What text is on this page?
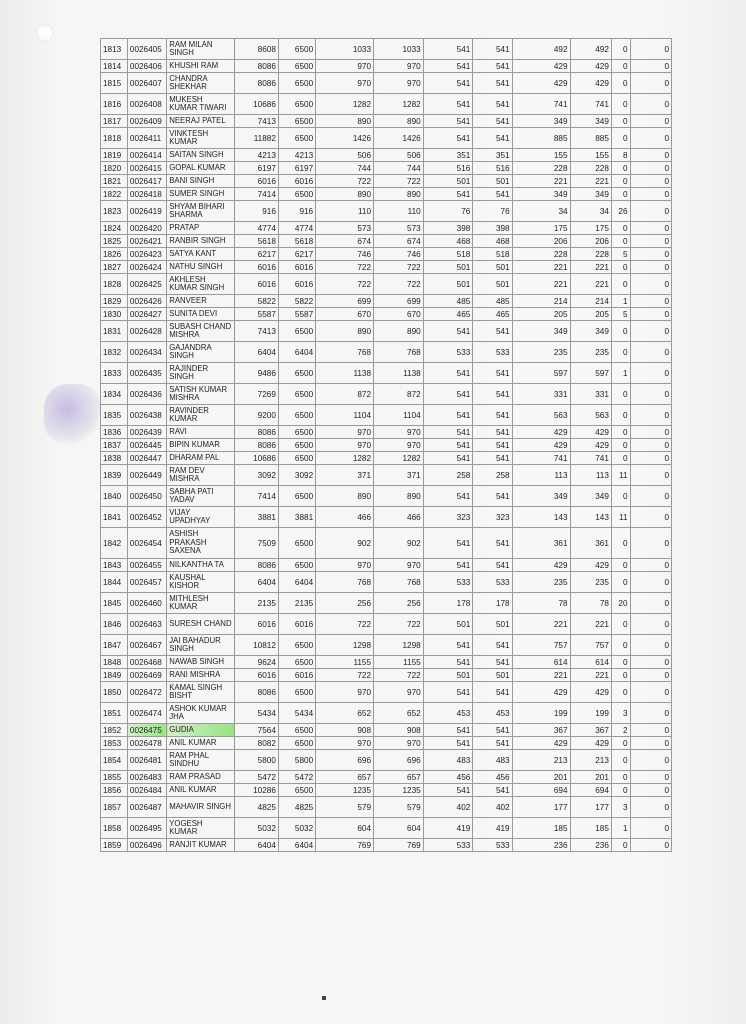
1813	0026405	RAM MILAN SINGH	8608	6500	1033	1033	541	541	492	492	0	0
1814	0026406	KHUSHI RAM	8086	6500	970	970	541	541	429	429	0	0
1815	0026407	CHANDRA SHEKHAR	8086	6500	970	970	541	541	429	429	0	0
1816	0026408	MUKESH KUMAR TIWARI	10686	6500	1282	1282	541	541	741	741	0	0
1817	0026409	NEERAJ PATEL	7413	6500	890	890	541	541	349	349	0	0
1818	0026411	VINKTESH KUMAR	11882	6500	1426	1426	541	541	885	885	0	0
1819	0026414	SAITAN SINGH	4213	4213	506	506	351	351	155	155	8	0
1820	0026415	GOPAL KUMAR	6197	6197	744	744	516	516	228	228	0	0
1821	0026417	BANI SINGH	6016	6016	722	722	501	501	221	221	0	0
1822	0026418	SUMER SINGH	7414	6500	890	890	541	541	349	349	0	0
1823	0026419	SHYAM BIHARI SHARMA	916	916	110	110	76	76	34	34	26	0
1824	0026420	PRATAP	4774	4774	573	573	398	398	175	175	0	0
1825	0026421	RANBIR SINGH	5618	5618	674	674	468	468	206	206	0	0
1826	0026423	SATYA KANT	6217	6217	746	746	518	518	228	228	5	0
1827	0026424	NATHU SINGH	6016	6016	722	722	501	501	221	221	0	0
1828	0026425	AKHLESH KUMAR SINGH	6016	6016	722	722	501	501	221	221	0	0
1829	0026426	RANVEER	5822	5822	699	699	485	485	214	214	1	0
1830	0026427	SUNITA DEVI	5587	5587	670	670	465	465	205	205	5	0
1831	0026428	SUBASH CHAND MISHRA	7413	6500	890	890	541	541	349	349	0	0
1832	0026434	GAJANDRA SINGH	6404	6404	768	768	533	533	235	235	0	0
1833	0026435	RAJINDER SINGH	9486	6500	1138	1138	541	541	597	597	1	0
1834	0026436	SATISH KUMAR MISHRA	7269	6500	872	872	541	541	331	331	0	0
1835	0026438	RAVINDER KUMAR	9200	6500	1104	1104	541	541	563	563	0	0
1836	0026439	RAVI	8086	6500	970	970	541	541	429	429	0	0
1837	0026445	BIPIN KUMAR	8086	6500	970	970	541	541	429	429	0	0
1838	0026447	DHARAM PAL	10686	6500	1282	1282	541	541	741	741	0	0
1839	0026449	RAM DEV MISHRA	3092	3092	371	371	258	258	113	113	11	0
1840	0026450	SABHA PATI YADAV	7414	6500	890	890	541	541	349	349	0	0
1841	0026452	VIJAY UPADHYAY	3881	3881	466	466	323	323	143	143	11	0
1842	0026454	ASHISH PRAKASH SAXENA	7509	6500	902	902	541	541	361	361	0	0
1843	0026455	NILKANTHA TA	8086	6500	970	970	541	541	429	429	0	0
1844	0026457	KAUSHAL KISHOR	6404	6404	768	768	533	533	235	235	0	0
1845	0026460	MITHLESH KUMAR	2135	2135	256	256	178	178	78	78	20	0
1846	0026463	SURESH CHAND	6016	6016	722	722	501	501	221	221	0	0
1847	0026467	JAI BAHADUR SINGH	10812	6500	1298	1298	541	541	757	757	0	0
1848	0026468	NAWAB SINGH	9624	6500	1155	1155	541	541	614	614	0	0
1849	0026469	RANI MISHRA	6016	6016	722	722	501	501	221	221	0	0
1850	0026472	KAMAL SINGH BISHT	8086	6500	970	970	541	541	429	429	0	0
1851	0026474	ASHOK KUMAR JHA	5434	5434	652	652	453	453	199	199	3	0
1852	0026475	GUDIA	7564	6500	908	908	541	541	367	367	2	0
1853	0026478	ANIL KUMAR	8082	6500	970	970	541	541	429	429	0	0
1854	0026481	RAM PHAL SINDHU	5800	5800	696	696	483	483	213	213	0	0
1855	0026483	RAM PRASAD	5472	5472	657	657	456	456	201	201	0	0
1856	0026484	ANIL KUMAR	10286	6500	1235	1235	541	541	694	694	0	0
1857	0026487	MAHAVIR SINGH	4825	4825	579	579	402	402	177	177	3	0
1858	0026495	YOGESH KUMAR	5032	5032	604	604	419	419	185	185	1	0
1859	0026496	RANJIT KUMAR	6404	6404	769	769	533	533	236	236	0	0
